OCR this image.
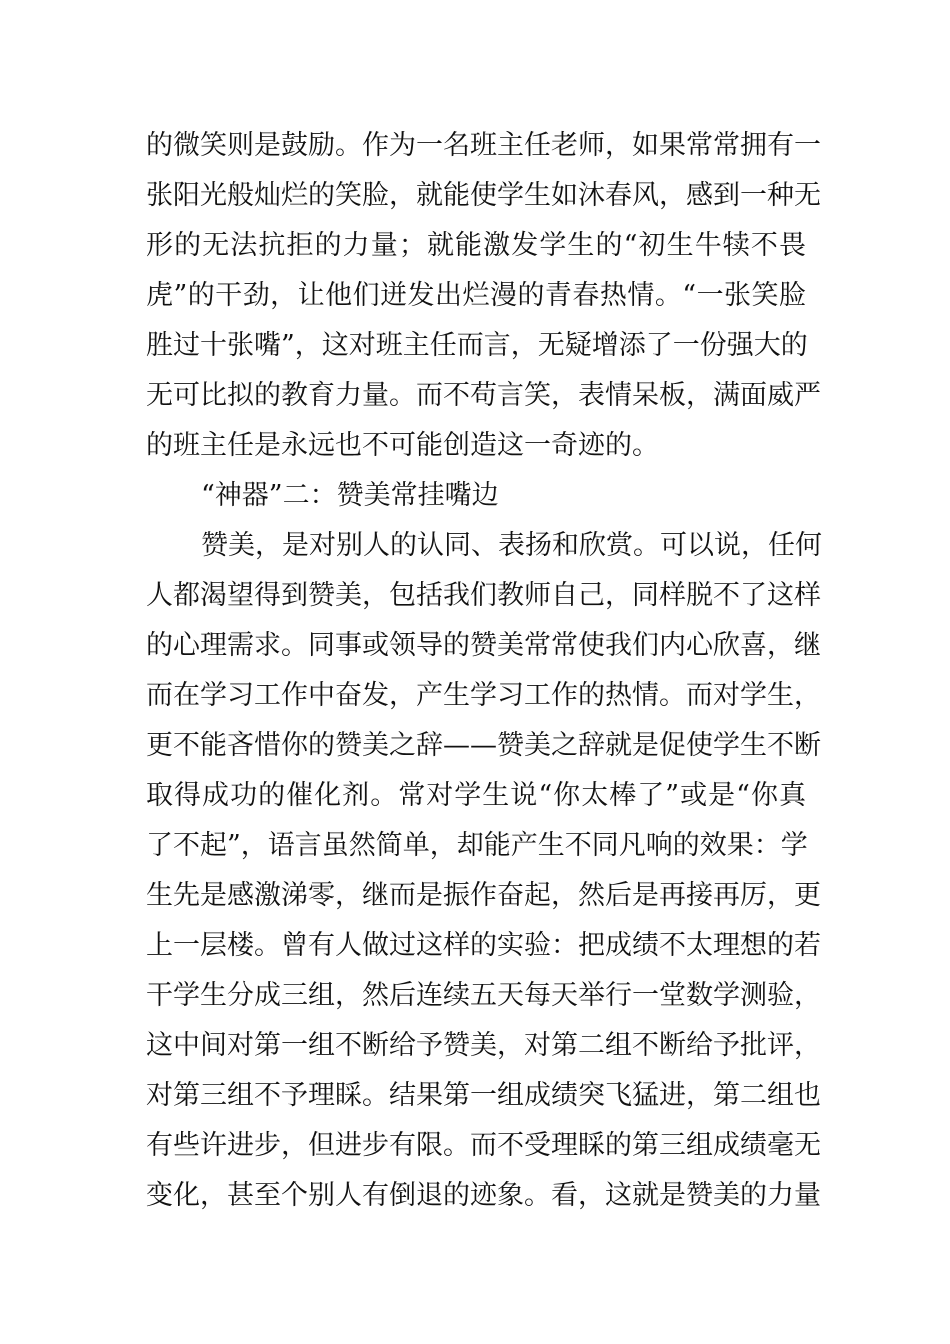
的微笑则是鼓励。作为一名班主任老师，如果常常拥有一
张阳光般灿烂的笑脸，就能使学生如沐春风，感到一种无
形的无法抗拒的力量；就能激发学生的“初生牛犊不畏
虎”的干劲，让他们迸发出烂漫的青春热情。“一张笑脸
胜过十张嘴”，这对班主任而言，无疑增添了一份强大的
无可比拟的教育力量。而不苟言笑，表情呆板，满面威严
的班主任是永远也不可能创造这一奇迹的。
“神器”二：赞美常挂嘴边
赞美，是对别人的认同、表扬和欣赏。可以说，任何
人都渴望得到赞美，包括我们教师自己，同样脱不了这样
的心理需求。同事或领导的赞美常常使我们内心欣喜，继
而在学习工作中奋发，产生学习工作的热情。而对学生，
更不能吝惜你的赞美之辞——赞美之辞就是促使学生不断
取得成功的催化剂。常对学生说“你太棒了”或是“你真
了不起”，语言虽然简单，却能产生不同凡响的效果：学
生先是感激涕零，继而是振作奋起，然后是再接再厉，更
上一层楼。曾有人做过这样的实验：把成绩不太理想的若
干学生分成三组，然后连续五天每天举行一堂数学测验，
这中间对第一组不断给予赞美，对第二组不断给予批评，
对第三组不予理睬。结果第一组成绩突飞猛进，第二组也
有些许进步，但进步有限。而不受理睬的第三组成绩毫无
变化，甚至个别人有倒退的迹象。看，这就是赞美的力量
